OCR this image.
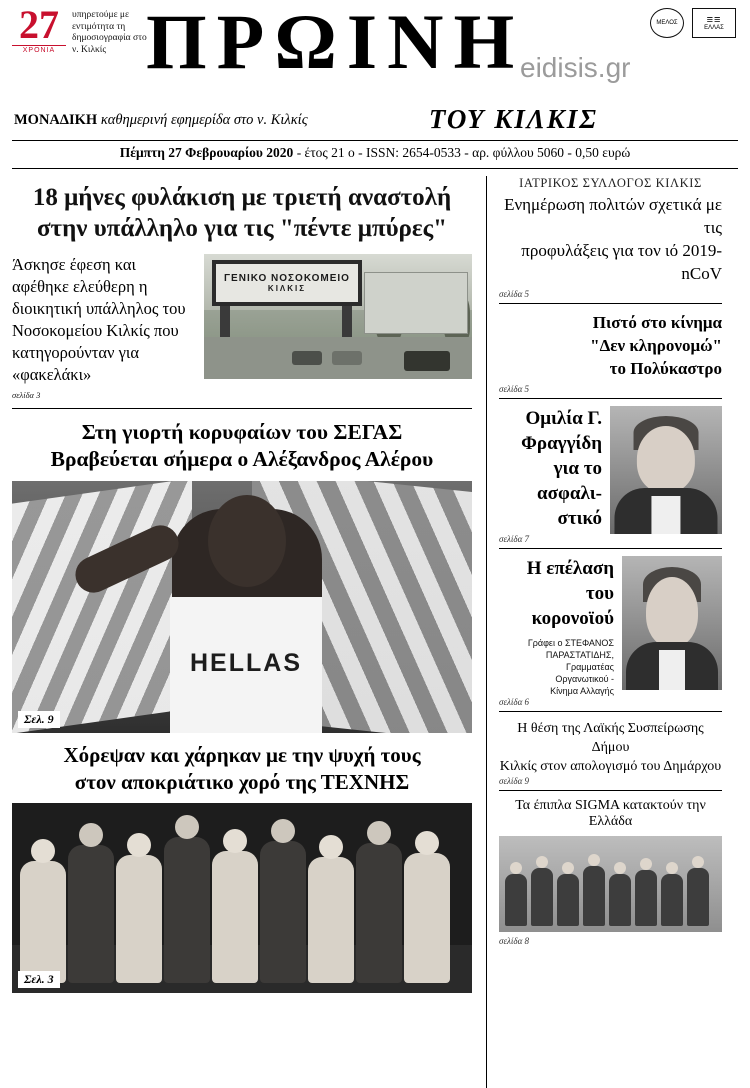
27
ΧΡΟΝΙΑ
υπηρετούμε με εντιμότητα τη δημοσιογραφία στο ν. Κιλκίς ΠΡΩΙΝΗ
eidisis.gr
ΜΕΛΟΣ	≡≡
ΕΛΛΑΣ
ΜΟΝΑΔΙΚΗ καθημερινή εφημερίδα στο ν. Κιλκίς	ΤΟΥ ΚΙΛΚΙΣ
Πέμπτη 27 Φεβρουαρίου 2020 - έτος 21 ο - ISSN: 2654-0533 - αρ. φύλλου 5060 - 0,50 ευρώ
18 μήνες φυλάκιση με τριετή αναστολή
στην υπάλληλο για τις "πέντε μπύρες"
Άσκησε έφεση και αφέθηκε ελεύθερη η διοικητική υπάλληλος του Νοσοκομείου Κιλκίς που κατηγορούνταν για «φακελάκι»
σελίδα 3
ΓΕΝΙΚΟ ΝΟΣΟΚΟΜΕΙΟ
ΚΙΛΚΙΣ
Στη γιορτή κορυφαίων του ΣΕΓΑΣ
Βραβεύεται σήμερα ο Αλέξανδρος Αλέρου
HELLAS
Σελ. 9
Χόρεψαν και χάρηκαν με την ψυχή τους
στον αποκριάτικο χορό της ΤΕΧΝΗΣ
Σελ. 3
ΙΑΤΡΙΚΟΣ ΣΥΛΛΟΓΟΣ ΚΙΛΚΙΣ
Ενημέρωση πολιτών σχετικά με τις
προφυλάξεις για τον ιό 2019-nCoV
σελίδα 5
Πιστό στο κίνημα
"Δεν κληρονομώ"
το Πολύκαστρο
σελίδα 5
Ομιλία Γ.
Φραγγίδη
για το
ασφαλι-
στικό
σελίδα 7
Η επέλαση
του
κορονοϊού
Γράφει ο ΣΤΕΦΑΝΟΣ
ΠΑΡΑΣΤΑΤΙΔΗΣ,
Γραμματέας
Οργανωτικού -
Κίνημα Αλλαγής
σελίδα 6
Η θέση της Λαϊκής Συσπείρωσης Δήμου
Κιλκίς στον απολογισμό του Δημάρχου
σελίδα 9
Τα έπιπλα SIGMA κατακτούν την Ελλάδα
σελίδα 8
